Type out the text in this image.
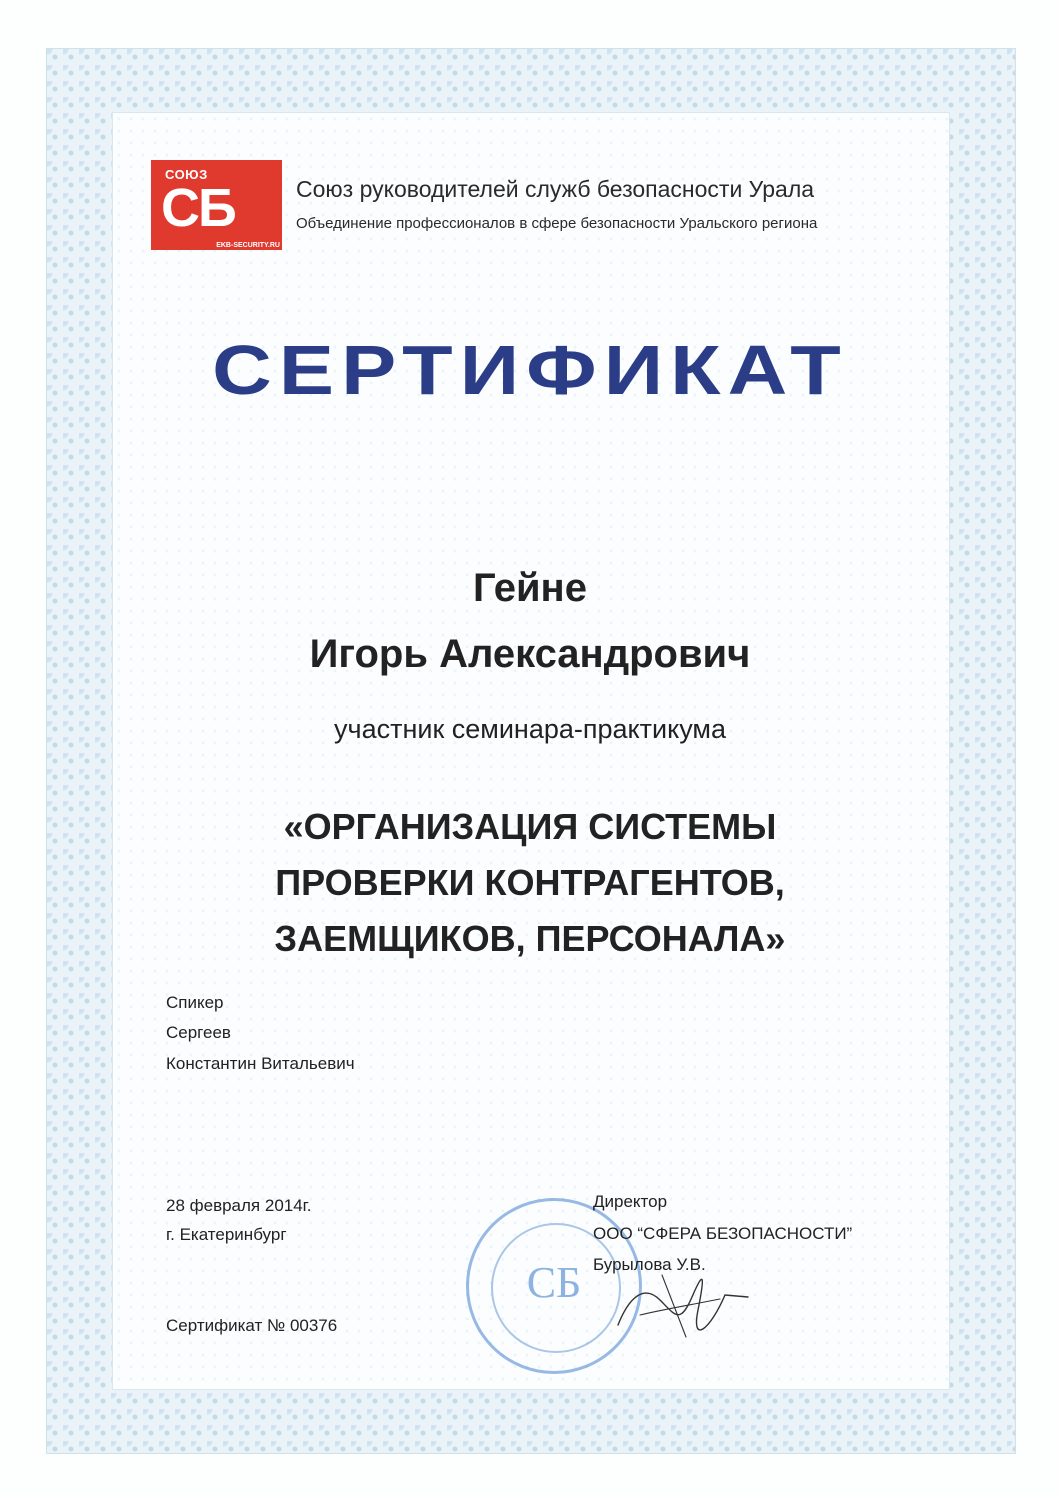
СОЮЗ
СБ
EKB-SECURITY.RU
Союз руководителей служб безопасности Урала
Объединение профессионалов в сфере безопасности Уральского региона
СЕРТИФИКАТ
Гейне
Игорь Александрович
участник семинара-практикума
«ОРГАНИЗАЦИЯ СИСТЕМЫ
ПРОВЕРКИ КОНТРАГЕНТОВ,
ЗАЕМЩИКОВ, ПЕРСОНАЛА»
Спикер
Сергеев
Константин Витальевич
28 февраля 2014г.
г. Екатеринбург
Сертификат № 00376
СБ
Директор
ООО “СФЕРА БЕЗОПАСНОСТИ”
Бурылова У.В.
